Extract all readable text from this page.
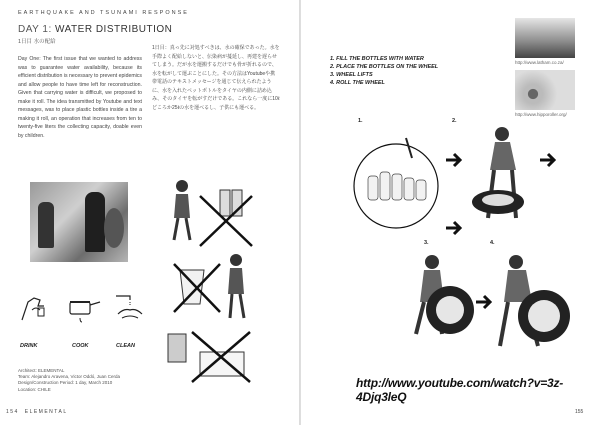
EARTHQUAKE AND TSUNAMI RESPONSE
DAY 1: WATER DISTRIBUTION
1日目 水の配給
Day One: The first issue that we wanted to address was to guarantee water availability, because its efficient distribution is necessary to prevent epidemics and allow people to have time left for reconstruction. Given that carrying water is difficult, we proposed to make it roll. The idea transmitted by Youtube and text messages, was to place plastic bottles inside a tire a making it roll, an operation that increases from ten to twenty-five liters the collecting capacity, doable even by children.
1日目：真っ先に対処すべきは、水の確保であった。水を手際よく配給しないと、伝染病が蔓延し、再建を遅らせてしまう。だが水を運搬するだけでも骨が折れるので、水を転がして運ぶことにした。その方法はYoutubeや携帯電話のテキストメッセージを通じて伝えられたように、水を入れたペットボトルをタイヤの内側に詰め込み、そのタイヤを転がすだけである。これなら一度に10ℓどころか25ℓの水を運べるし、子供にも運べる。
DRINK	COOK	CLEAN
Architect: ELEMENTAL
Team: Alejandro Aravena, Victor Oddó, Juan Cerda
Design/Construction Period: 1 day, March 2010
Location: CHILE
154 ELEMENTAL
1. FILL THE BOTTLES WITH WATER
2. PLACE THE BOTTLES ON THE WHEEL
3. WHEEL LIFTS
4. ROLL THE WHEEL
http://www.latham.co.za/
http://www.hipporoller.org/
1.	2.
3.	4.
http://www.youtube.com/watch?v=3z-4Djq3leQ
155
